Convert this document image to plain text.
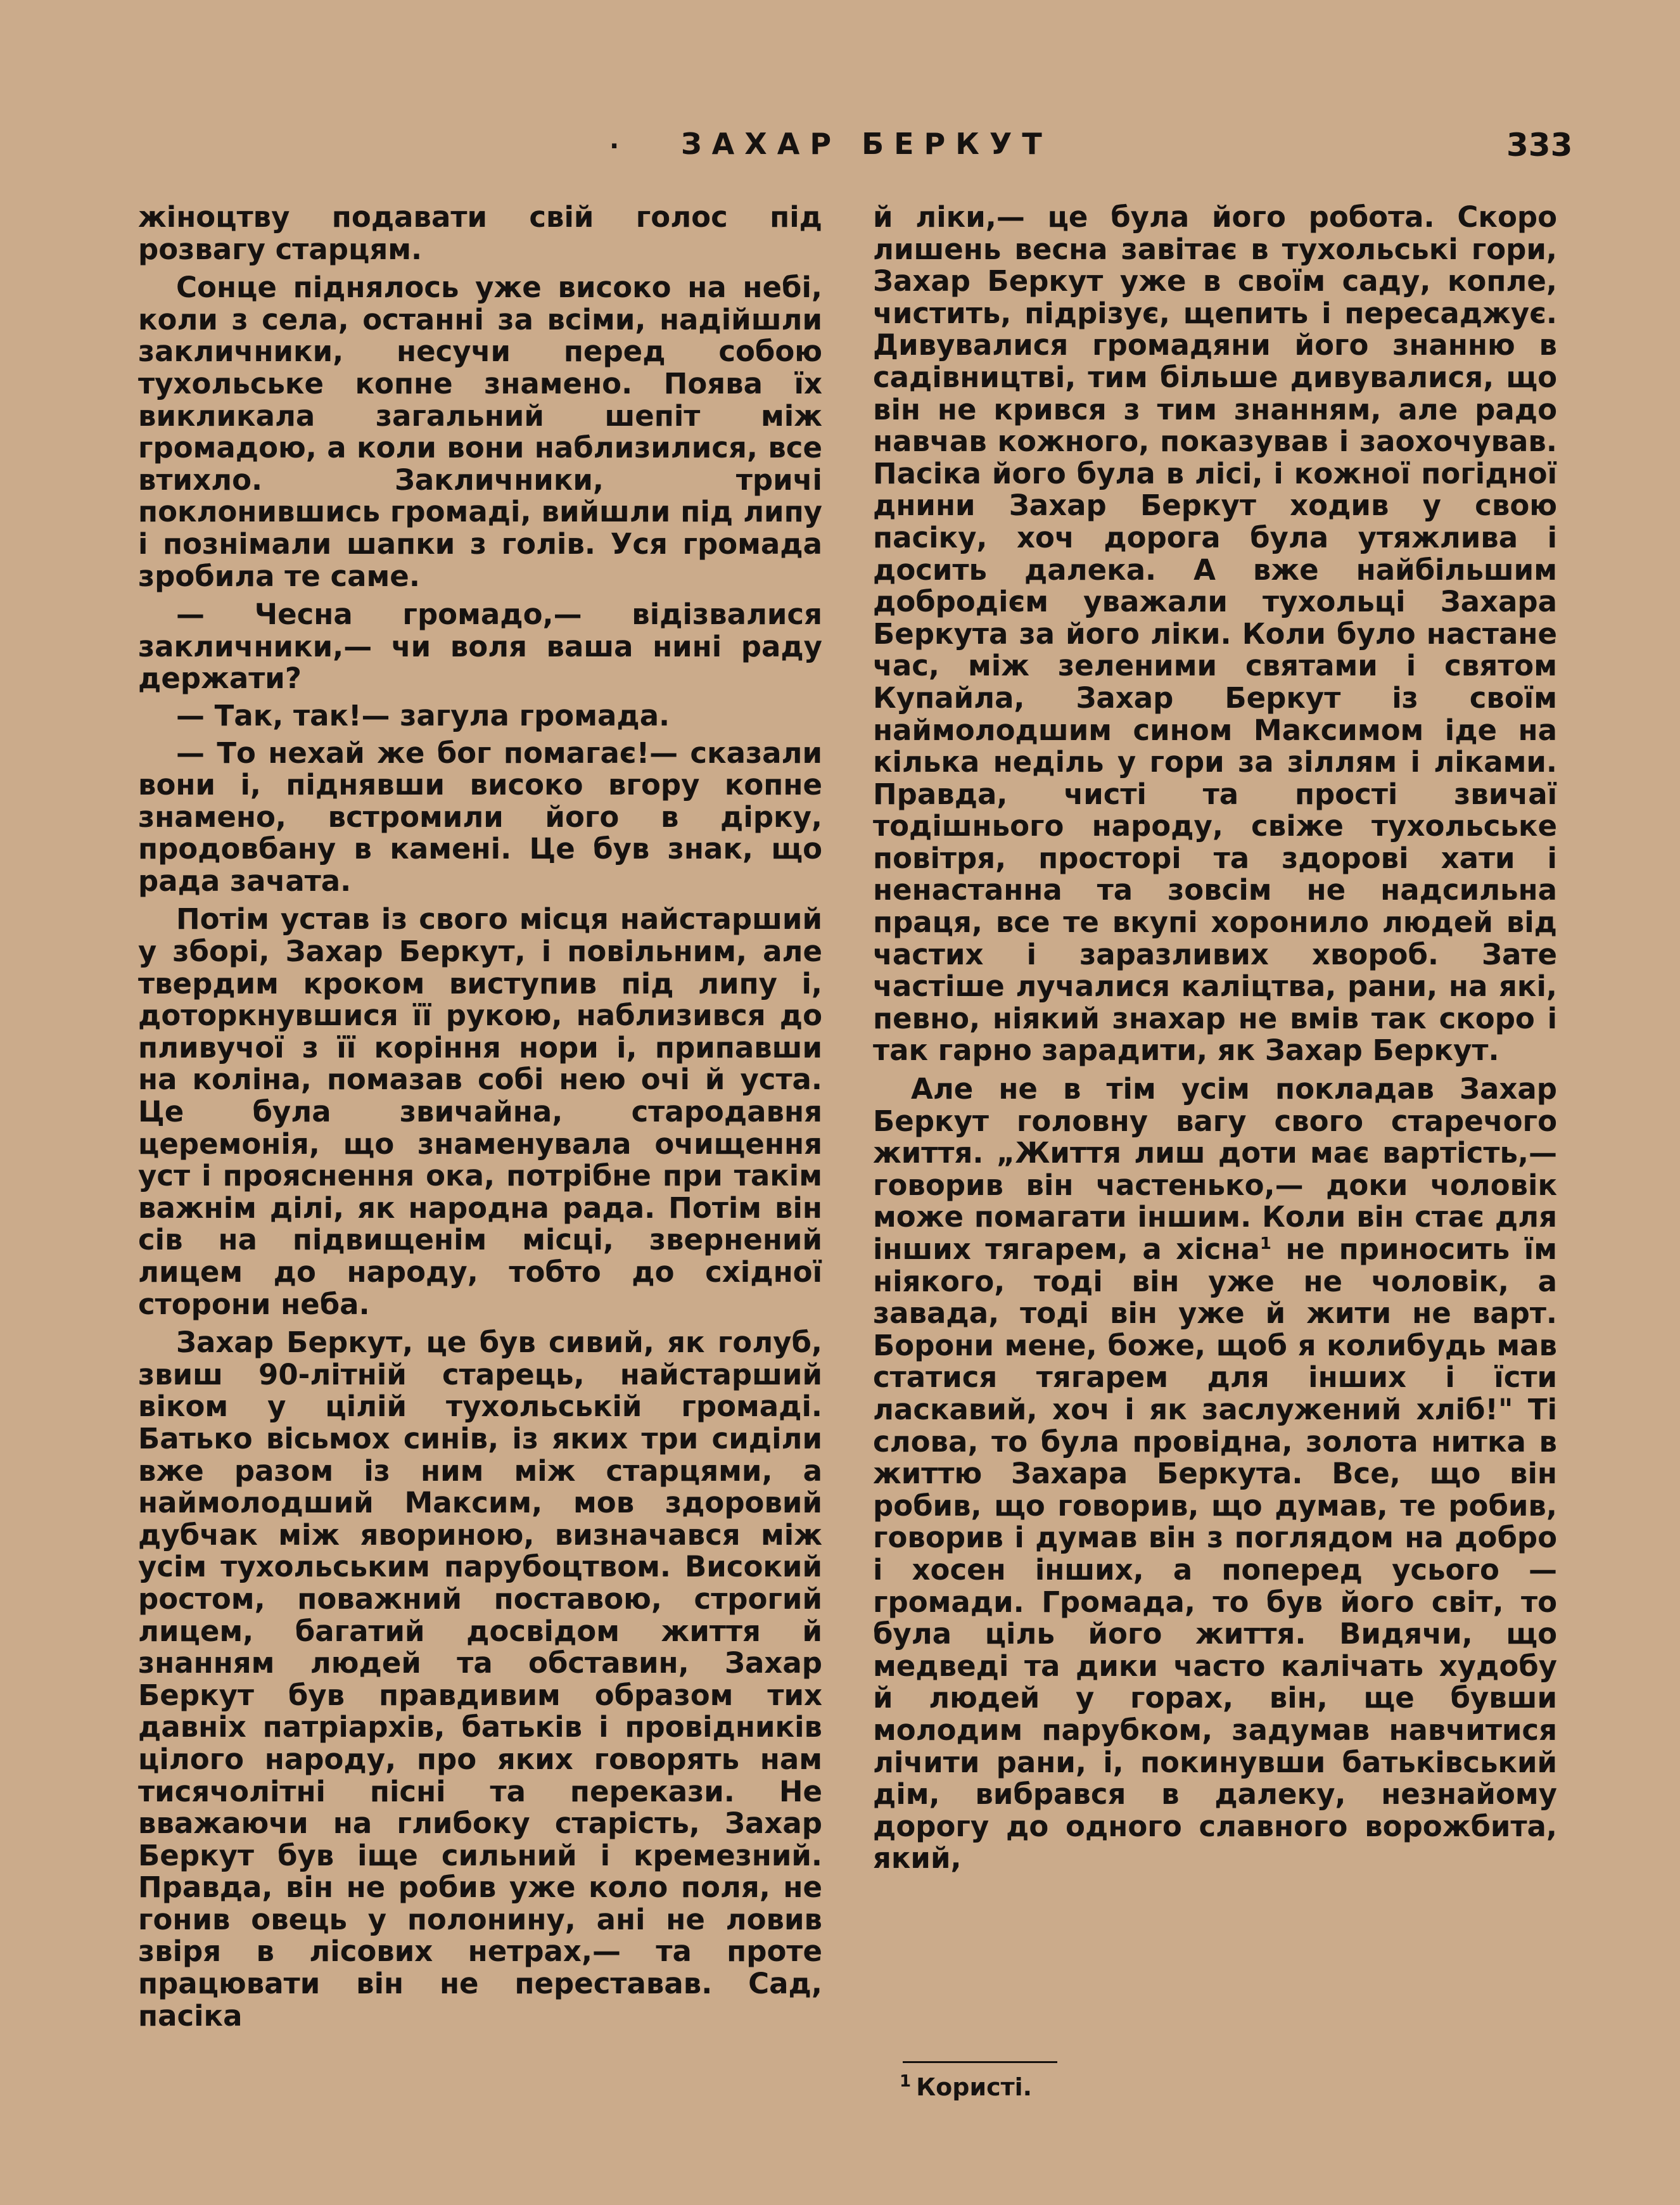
· ЗАХАР БЕРКУТ	333

жіноцтву подавати свій голос під розвагу старцям.

Сонце піднялось уже високо на небі, коли з села, останні за всіми, надійшли закличники, несучи перед собою тухольське копне знамено. Поява їх викликала загальний шепіт між громадою, а коли вони наблизилися, все втихло. Закличники, тричі поклонившись громаді, вийшли під липу і познімали шапки з голів. Уся громада зробила те саме.

— Чесна громадо,— відізвалися закличники,— чи воля ваша нині раду держати?

— Так, так!— загула громада.

— То нехай же бог помагає!— сказали вони і, піднявши високо вгору копне знамено, встромили його в дірку, продовбану в камені. Це був знак, що рада зачата.

Потім устав із свого місця найстарший у зборі, Захар Беркут, і повільним, але твердим кроком виступив під липу і, доторкнувшися її рукою, наблизився до пливучої з її коріння нори і, припавши на коліна, помазав собі нею очі й уста. Це була звичайна, стародавня церемонія, що знаменувала очищення уст і прояснення ока, потрібне при такім важнім ділі, як народна рада. Потім він сів на підвищенім місці, звернений лицем до народу, тобто до східної сторони неба.

Захар Беркут, це був сивий, як голуб, звиш 90-літній старець, найстарший віком у цілій тухольській громаді. Батько вісьмох синів, із яких три сиділи вже разом із ним між старцями, а наймолодший Максим, мов здоровий дубчак між явориною, визначався між усім тухольським парубоцтвом. Високий ростом, поважний поставою, строгий лицем, багатий досвідом життя й знанням людей та обставин, Захар Беркут був правдивим образом тих давніх патріархів, батьків і провідників цілого народу, про яких говорять нам тисячолітні пісні та перекази. Не вважаючи на глибоку старість, Захар Беркут був іще сильний і кремезний. Правда, він не робив уже коло поля, не гонив овець у полонину, ані не ловив звіря в лісових нетрах,— та проте працювати він не переставав. Сад, пасіка

й ліки,— це була його робота. Скоро лишень весна завітає в тухольські гори, Захар Беркут уже в своїм саду, копле, чистить, підрізує, щепить і пересаджує. Дивувалися громадяни його знанню в садівництві, тим більше дивувалися, що він не крився з тим знанням, але радо навчав кожного, показував і заохочував. Пасіка його була в лісі, і кожної погідної днини Захар Беркут ходив у свою пасіку, хоч дорога була утяжлива і досить далека. А вже найбільшим добродієм уважали тухольці Захара Беркута за його ліки. Коли було настане час, між зеленими святами і святом Купайла, Захар Беркут із своїм наймолодшим сином Максимом іде на кілька неділь у гори за зіллям і ліками. Правда, чисті та прості звичаї тодішнього народу, свіже тухольське повітря, просторі та здорові хати і ненастанна та зовсім не надсильна праця, все те вкупі хоронило людей від частих і заразливих хвороб. Зате частіше лучалися каліцтва, рани, на які, певно, ніякий знахар не вмів так скоро і так гарно зарадити, як Захар Беркут.

Але не в тім усім покладав Захар Беркут головну вагу свого старечого життя. „Життя лиш доти має вартість,— говорив він частенько,— доки чоловік може помагати іншим. Коли він стає для інших тягарем, а хісна$^1$ не приносить їм ніякого, тоді він уже не чоловік, а завада, тоді він уже й жити не варт. Борони мене, боже, щоб я колибудь мав статися тягарем для інших і їсти ласкавий, хоч і як заслужений хліб!" Ті слова, то була провідна, золота нитка в життю Захара Беркута. Все, що він робив, що говорив, що думав, те робив, говорив і думав він з поглядом на добро і хосен інших, а поперед усього — громади. Громада, то був його світ, то була ціль його життя. Видячи, що медведі та дики часто калічать худобу й людей у горах, він, ще бувши молодим парубком, задумав навчитися лічити рани, і, покинувши батьківський дім, вибрався в далеку, незнайому дорогу до одного славного ворожбита, який,

$^1$ Користі.
